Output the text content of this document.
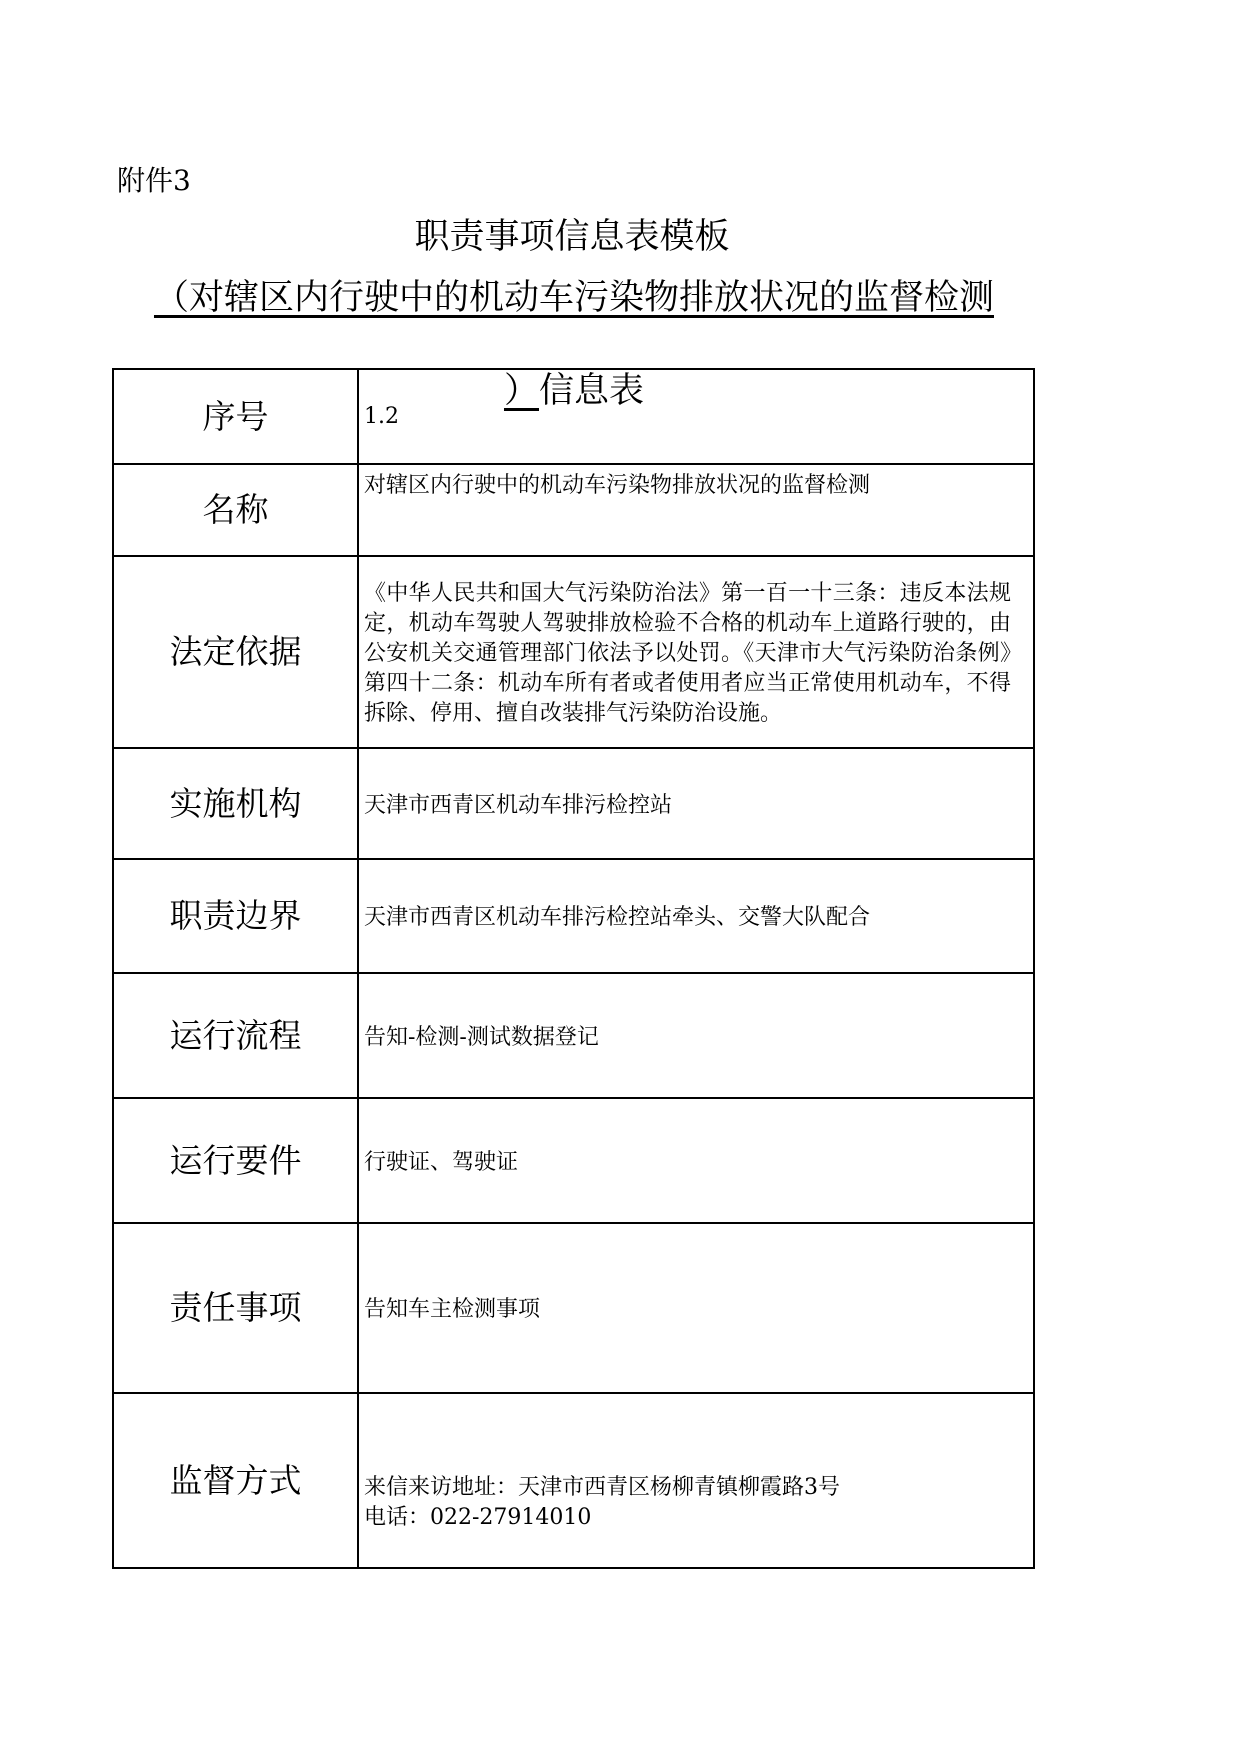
附件3
职责事项信息表模板
（对辖区内行驶中的机动车污染物排放状况的监督检测
）信息表
序号	1.2
名称	对辖区内行驶中的机动车污染物排放状况的监督检测
法定依据	《中华人民共和国大气污染防治法》第一百一十三条：违反本法规定，机动车驾驶人驾驶排放检验不合格的机动车上道路行驶的，由公安机关交通管理部门依法予以处罚。《天津市大气污染防治条例》第四十二条：机动车所有者或者使用者应当正常使用机动车，不得拆除、停用、擅自改装排气污染防治设施。
实施机构	天津市西青区机动车排污检控站
职责边界	天津市西青区机动车排污检控站牵头、交警大队配合
运行流程	告知-检测-测试数据登记
运行要件	行驶证、驾驶证
责任事项	告知车主检测事项
监督方式	来信来访地址：天津市西青区杨柳青镇柳霞路3号
电话：022-27914010
